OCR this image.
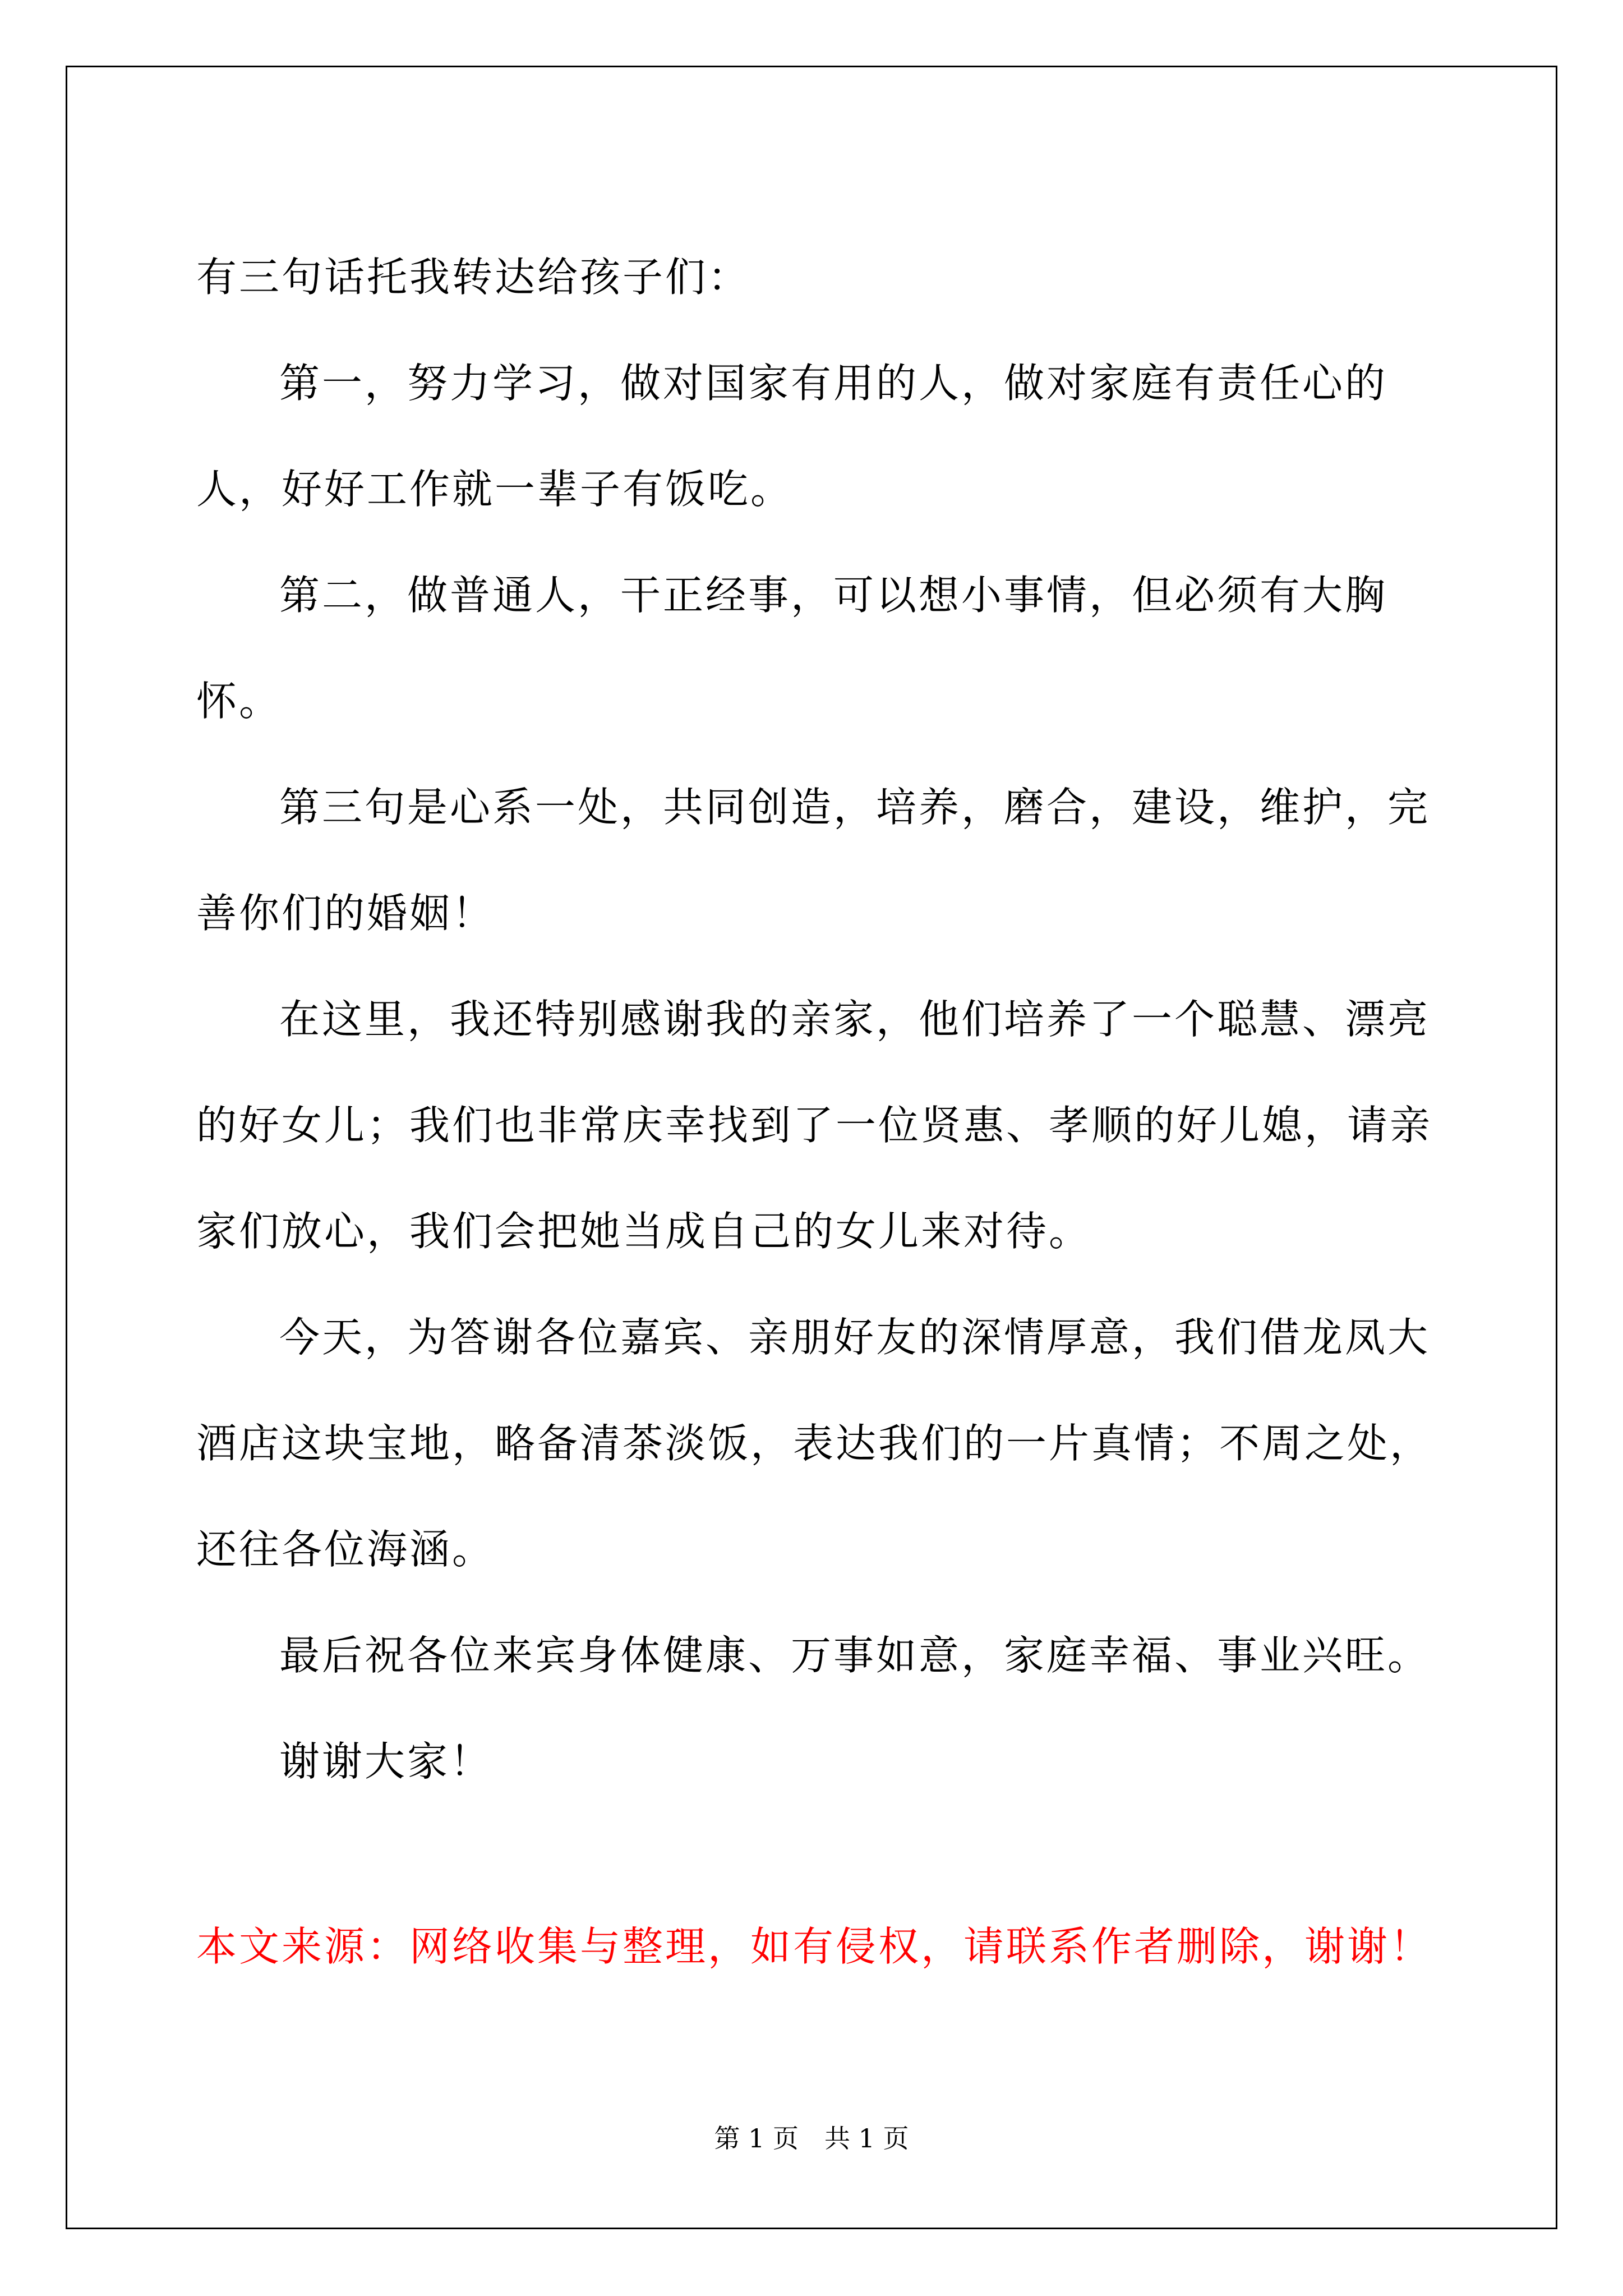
有三句话托我转达给孩子们：

第一，努力学习，做对国家有用的人，做对家庭有责任心的人，好好工作就一辈子有饭吃。

第二，做普通人，干正经事，可以想小事情，但必须有大胸怀。

第三句是心系一处，共同创造，培养，磨合，建设，维护，完善你们的婚姻！

在这里，我还特别感谢我的亲家，他们培养了一个聪慧、漂亮的好女儿；我们也非常庆幸找到了一位贤惠、孝顺的好儿媳，请亲家们放心，我们会把她当成自己的女儿来对待。

今天，为答谢各位嘉宾、亲朋好友的深情厚意，我们借龙凤大酒店这块宝地，略备清茶淡饭，表达我们的一片真情；不周之处，还往各位海涵。

最后祝各位来宾身体健康、万事如意，家庭幸福、事业兴旺。

谢谢大家！

本文来源：网络收集与整理，如有侵权，请联系作者删除，谢谢！

第 1 页　共 1 页
